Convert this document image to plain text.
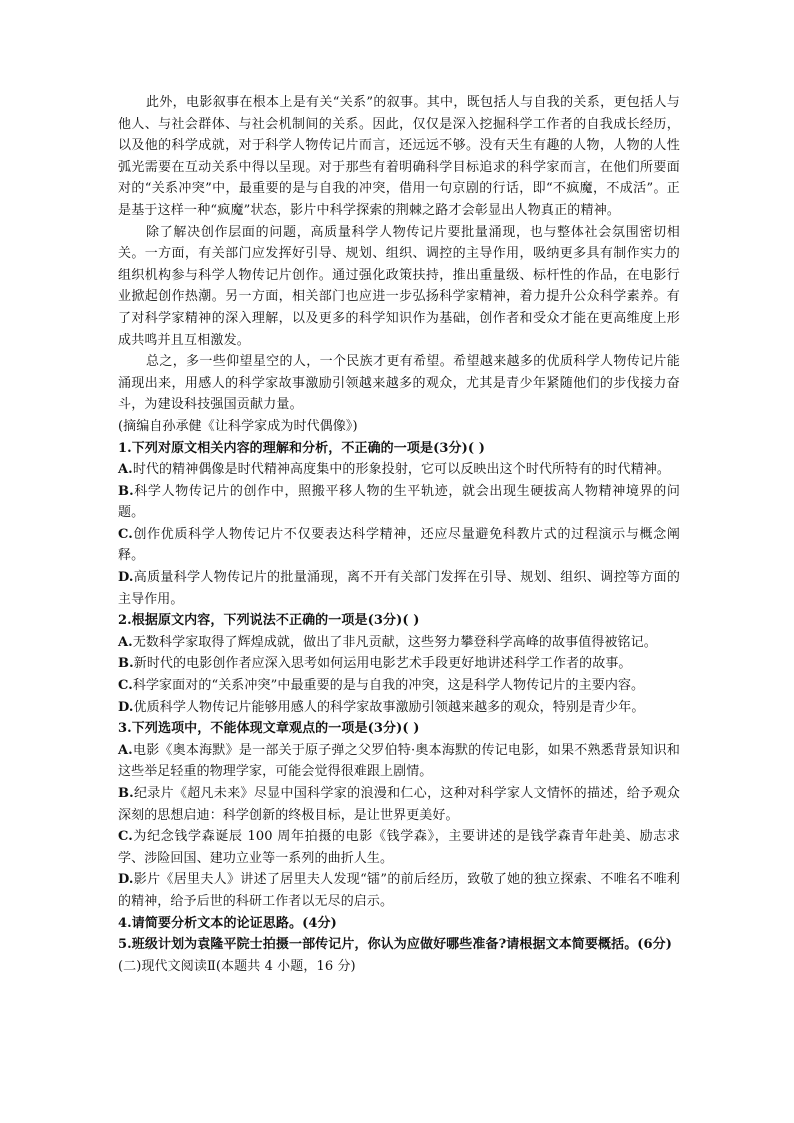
此外，电影叙事在根本上是有关“关系”的叙事。其中，既包括人与自我的关系，更包括人与他人、与社会群体、与社会机制间的关系。因此，仅仅是深入挖掘科学工作者的自我成长经历，以及他的科学成就，对于科学人物传记片而言，还远远不够。没有天生有趣的人物，人物的人性弧光需要在互动关系中得以呈现。对于那些有着明确科学目标追求的科学家而言，在他们所要面对的“关系冲突”中，最重要的是与自我的冲突，借用一句京剧的行话，即“不疯魔，不成活”。正是基于这样一种“疯魔”状态，影片中科学探索的荆棘之路才会彰显出人物真正的精神。

除了解决创作层面的问题，高质量科学人物传记片要批量涌现，也与整体社会氛围密切相关。一方面，有关部门应发挥好引导、规划、组织、调控的主导作用，吸纳更多具有制作实力的组织机构参与科学人物传记片创作。通过强化政策扶持，推出重量级、标杆性的作品，在电影行业掀起创作热潮。另一方面，相关部门也应进一步弘扬科学家精神，着力提升公众科学素养。有了对科学家精神的深入理解，以及更多的科学知识作为基础，创作者和受众才能在更高维度上形成共鸣并且互相激发。

总之，多一些仰望星空的人，一个民族才更有希望。希望越来越多的优质科学人物传记片能涌现出来，用感人的科学家故事激励引领越来越多的观众，尤其是青少年紧随他们的步伐接力奋斗，为建设科技强国贡献力量。

(摘编自孙承健《让科学家成为时代偶像》)

1.下列对原文相关内容的理解和分析，不正确的一项是(3分)( )

A.时代的精神偶像是时代精神高度集中的形象投射，它可以反映出这个时代所特有的时代精神。

B.科学人物传记片的创作中，照搬平移人物的生平轨迹，就会出现生硬拔高人物精神境界的问题。

C.创作优质科学人物传记片不仅要表达科学精神，还应尽量避免科教片式的过程演示与概念阐释。

D.高质量科学人物传记片的批量涌现，离不开有关部门发挥在引导、规划、组织、调控等方面的主导作用。

2.根据原文内容，下列说法不正确的一项是(3分)( )

A.无数科学家取得了辉煌成就，做出了非凡贡献，这些努力攀登科学高峰的故事值得被铭记。

B.新时代的电影创作者应深入思考如何运用电影艺术手段更好地讲述科学工作者的故事。

C.科学家面对的“关系冲突”中最重要的是与自我的冲突，这是科学人物传记片的主要内容。

D.优质科学人物传记片能够用感人的科学家故事激励引领越来越多的观众，特别是青少年。

3.下列选项中，不能体现文章观点的一项是(3分)( )

A.电影《奥本海默》是一部关于原子弹之父罗伯特·奥本海默的传记电影，如果不熟悉背景知识和这些举足轻重的物理学家，可能会觉得很难跟上剧情。

B.纪录片《超凡未来》尽显中国科学家的浪漫和仁心，这种对科学家人文情怀的描述，给予观众深刻的思想启迪：科学创新的终极目标，是让世界更美好。

C.为纪念钱学森诞辰 100 周年拍摄的电影《钱学森》，主要讲述的是钱学森青年赴美、励志求学、涉险回国、建功立业等一系列的曲折人生。

D.影片《居里夫人》讲述了居里夫人发现“镭”的前后经历，致敬了她的独立探索、不唯名不唯利的精神，给予后世的科研工作者以无尽的启示。

4.请简要分析文本的论证思路。(4分)

5.班级计划为袁隆平院士拍摄一部传记片，你认为应做好哪些准备?请根据文本简要概括。(6分)

(二)现代文阅读Ⅱ(本题共 4 小题，16 分)
